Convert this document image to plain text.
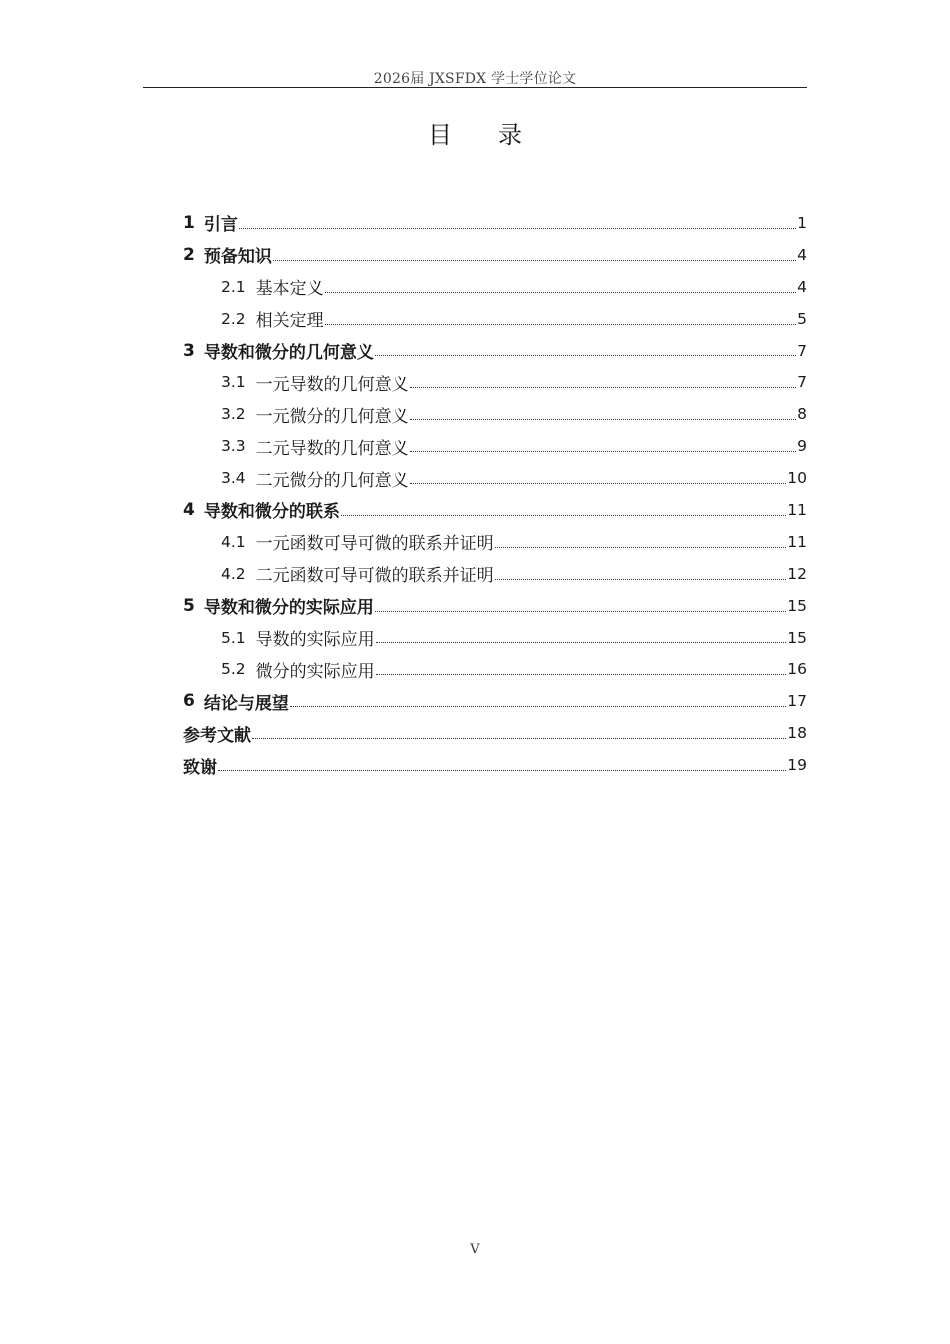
2026届 JXSFDX 学士学位论文
目录
1 引言	1
2 预备知识	4
2.1 基本定义	4
2.2 相关定理	5
3 导数和微分的几何意义	7
3.1 一元导数的几何意义	7
3.2 一元微分的几何意义	8
3.3 二元导数的几何意义	9
3.4 二元微分的几何意义	10
4 导数和微分的联系	11
4.1 一元函数可导可微的联系并证明	11
4.2 二元函数可导可微的联系并证明	12
5 导数和微分的实际应用	15
5.1 导数的实际应用	15
5.2 微分的实际应用	16
6 结论与展望	17
参考文献	18
致谢	19
V
